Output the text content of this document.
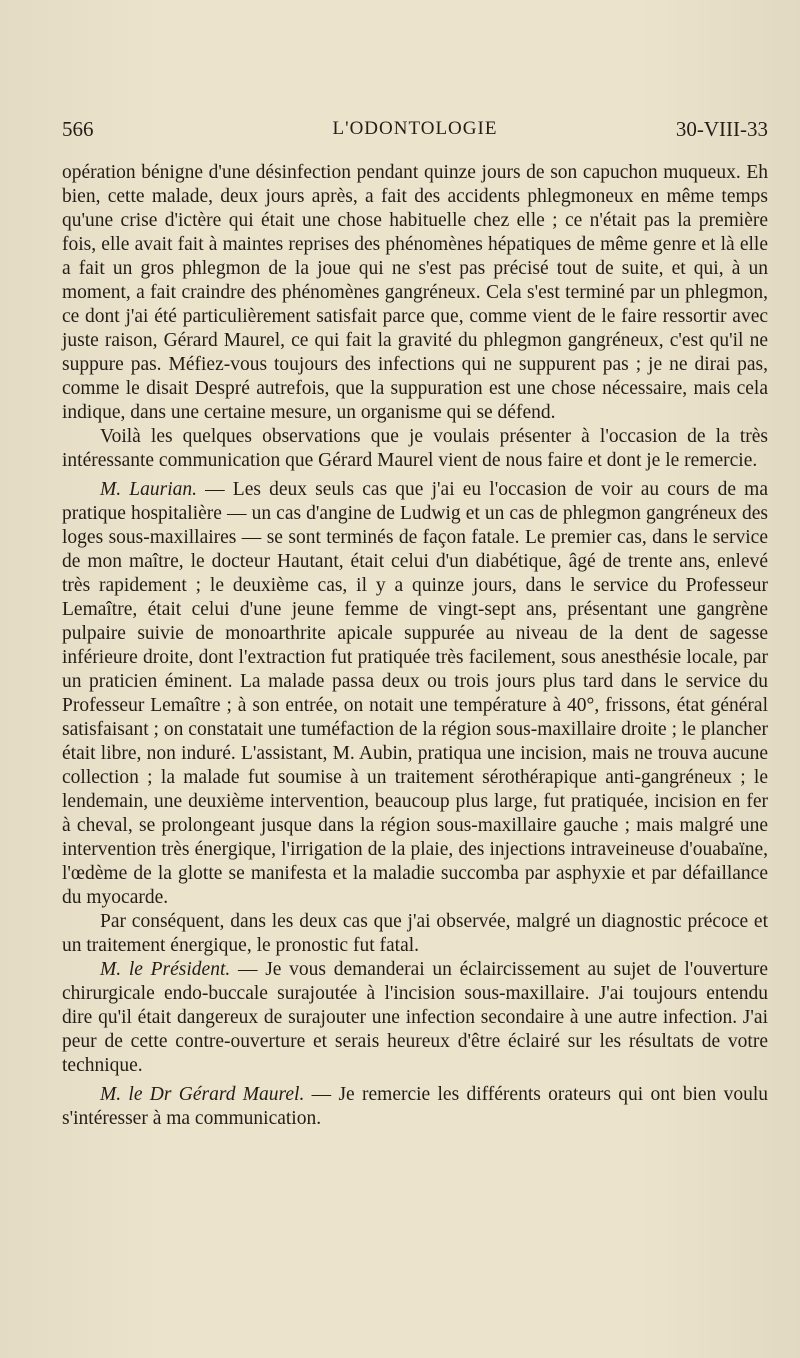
566	L'ODONTOLOGIE	30-VIII-33

opération bénigne d'une désinfection pendant quinze jours de son capuchon muqueux. Eh bien, cette malade, deux jours après, a fait des accidents phlegmoneux en même temps qu'une crise d'ictère qui était une chose habituelle chez elle ; ce n'était pas la première fois, elle avait fait à maintes reprises des phénomènes hépatiques de même genre et là elle a fait un gros phlegmon de la joue qui ne s'est pas précisé tout de suite, et qui, à un moment, a fait craindre des phénomènes gangréneux. Cela s'est terminé par un phlegmon, ce dont j'ai été particulièrement satisfait parce que, comme vient de le faire ressortir avec juste raison, Gérard Maurel, ce qui fait la gravité du phlegmon gangréneux, c'est qu'il ne suppure pas. Méfiez-vous toujours des infections qui ne suppurent pas ; je ne dirai pas, comme le disait Despré autrefois, que la suppuration est une chose nécessaire, mais cela indique, dans une certaine mesure, un organisme qui se défend.

Voilà les quelques observations que je voulais présenter à l'occasion de la très intéressante communication que Gérard Maurel vient de nous faire et dont je le remercie.

M. Laurian. — Les deux seuls cas que j'ai eu l'occasion de voir au cours de ma pratique hospitalière — un cas d'angine de Ludwig et un cas de phlegmon gangréneux des loges sous-maxillaires — se sont terminés de façon fatale. Le premier cas, dans le service de mon maître, le docteur Hautant, était celui d'un diabétique, âgé de trente ans, enlevé très rapidement ; le deuxième cas, il y a quinze jours, dans le service du Professeur Lemaître, était celui d'une jeune femme de vingt-sept ans, présentant une gangrène pulpaire suivie de monoarthrite apicale suppurée au niveau de la dent de sagesse inférieure droite, dont l'extraction fut pratiquée très facilement, sous anesthésie locale, par un praticien éminent. La malade passa deux ou trois jours plus tard dans le service du Professeur Lemaître ; à son entrée, on notait une température à 40°, frissons, état général satisfaisant ; on constatait une tuméfaction de la région sous-maxillaire droite ; le plancher était libre, non induré. L'assistant, M. Aubin, pratiqua une incision, mais ne trouva aucune collection ; la malade fut soumise à un traitement sérothérapique anti-gangréneux ; le lendemain, une deuxième intervention, beaucoup plus large, fut pratiquée, incision en fer à cheval, se prolongeant jusque dans la région sous-maxillaire gauche ; mais malgré une intervention très énergique, l'irrigation de la plaie, des injections intraveineuse d'ouabaïne, l'œdème de la glotte se manifesta et la maladie succomba par asphyxie et par défaillance du myocarde.

Par conséquent, dans les deux cas que j'ai observée, malgré un diagnostic précoce et un traitement énergique, le pronostic fut fatal.

M. le Président. — Je vous demanderai un éclaircissement au sujet de l'ouverture chirurgicale endo-buccale surajoutée à l'incision sous-maxillaire. J'ai toujours entendu dire qu'il était dangereux de surajouter une infection secondaire à une autre infection. J'ai peur de cette contre-ouverture et serais heureux d'être éclairé sur les résultats de votre technique.

M. le Dr Gérard Maurel. — Je remercie les différents orateurs qui ont bien voulu s'intéresser à ma communication.
